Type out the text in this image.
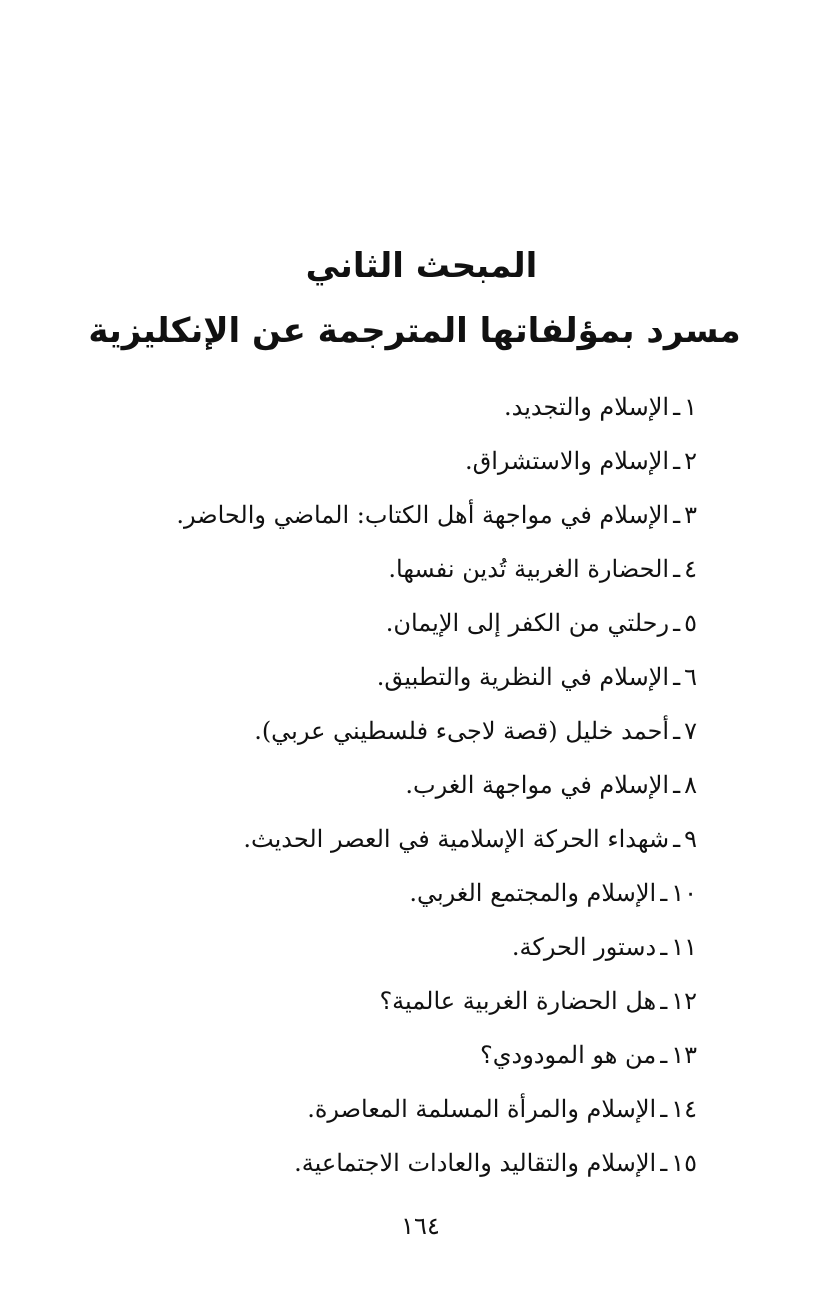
المبحث الثاني
مسرد بمؤلفاتها المترجمة عن الإنكليزية
١ـالإسلام والتجديد.
٢ـالإسلام والاستشراق.
٣ـالإسلام في مواجهة أهل الكتاب: الماضي والحاضر.
٤ـالحضارة الغربية تُدين نفسها.
٥ـرحلتي من الكفر إلى الإيمان.
٦ـالإسلام في النظرية والتطبيق.
٧ـأحمد خليل (قصة لاجىء فلسطيني عربي).
٨ـالإسلام في مواجهة الغرب.
٩ـشهداء الحركة الإسلامية في العصر الحديث.
١٠ـالإسلام والمجتمع الغربي.
١١ـدستور الحركة.
١٢ـهل الحضارة الغربية عالمية؟
١٣ـمن هو المودودي؟
١٤ـالإسلام والمرأة المسلمة المعاصرة.
١٥ـالإسلام والتقاليد والعادات الاجتماعية.
١٦٤
